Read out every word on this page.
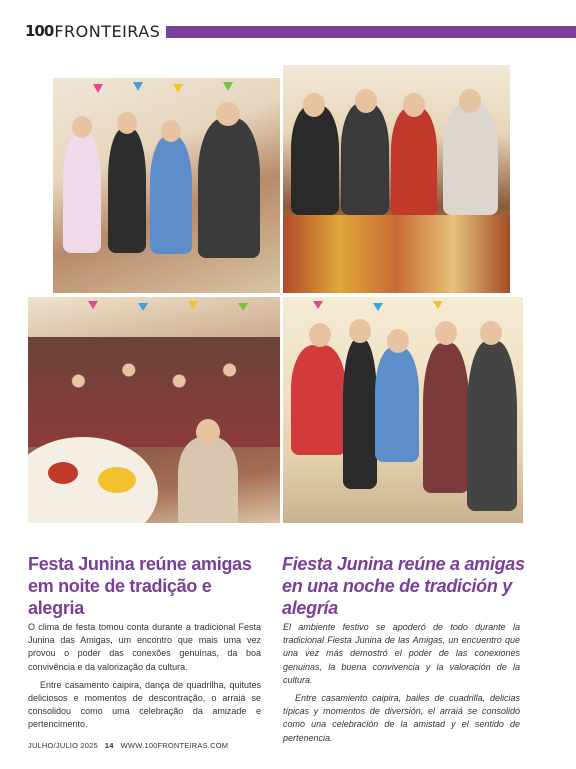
100 FRONTEIRAS
Festa Junina reúne amigas em noite de tradição e alegria
Fiesta Junina reúne a amigas en una noche de tradición y alegría

O clima de festa tomou conta durante a tradicional Festa Junina das Amigas, um encontro que mais uma vez provou o poder das conexões genuínas, da boa convivência e da valorização da cultura.

Entre casamento caipira, dança de quadrilha, quitutes deliciosos e momentos de descontração, o arraiá se consolidou como uma celebração da amizade e pertencimento.

El ambiente festivo se apoderó de todo durante la tradicional Fiesta Junina de las Amigas, un encuentro que una vez más demostró el poder de las conexiones genuinas, la buena convivencia y la valoración de la cultura.

Entre casamiento caipira, bailes de cuadrilla, delicias típicas y momentos de diversión, el arraiá se consolidó como una celebración de la amistad y el sentido de pertenencia.

JULHO/JULIO 2025 14 WWW.100FRONTEIRAS.COM
